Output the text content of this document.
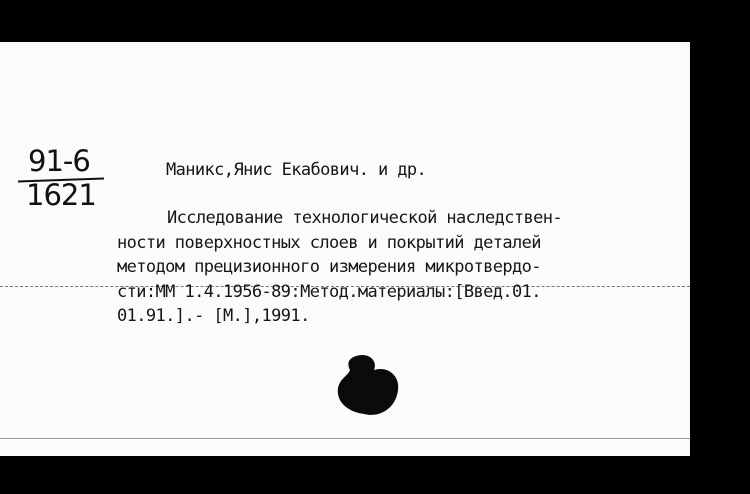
91-6
1621
Маникс,Янис Екабович. и др.
Исследование технологической наследствен-
ности поверхностных слоев и покрытий деталей
методом прецизионного измерения микротвердо-
сти:ММ 1.4.1956-89:Метод.материалы:[Введ.01.
01.91.].- [М.],1991.
